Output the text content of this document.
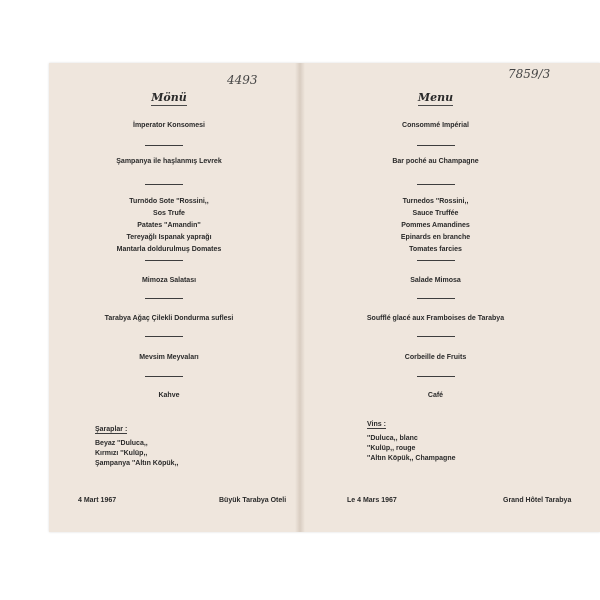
Mönü
4493
İmperator Konsomesi
Şampanya ile haşlanmış Levrek
Turnödo Sote ''Rossini,,
Sos Trufe
Patates ''Amandin''
Tereyağlı Ispanak yaprağı
Mantarla doldurulmuş Domates
Mimoza Salatası
Tarabya Ağaç Çilekli Dondurma suflesi
Mevsim Meyvaları
Kahve
Şaraplar :
Beyaz ''Duluca,,
Kırmızı ''Kulüp,,
Şampanya ''Altın Köpük,,
4 Mart 1967	Büyük Tarabya Oteli
Menu
7859/3
Consommé Impérial
Bar poché au Champagne
Turnedos ''Rossini,,
Sauce Truffée
Pommes Amandines
Epinards en branche
Tomates farcies
Salade Mimosa
Soufflé glacé aux Framboises de Tarabya
Corbeille de Fruits
Café
Vins :
''Duluca,, blanc
''Kulüp,, rouge
''Altın Köpük,, Champagne
Le 4 Mars 1967	Grand Hôtel Tarabya
